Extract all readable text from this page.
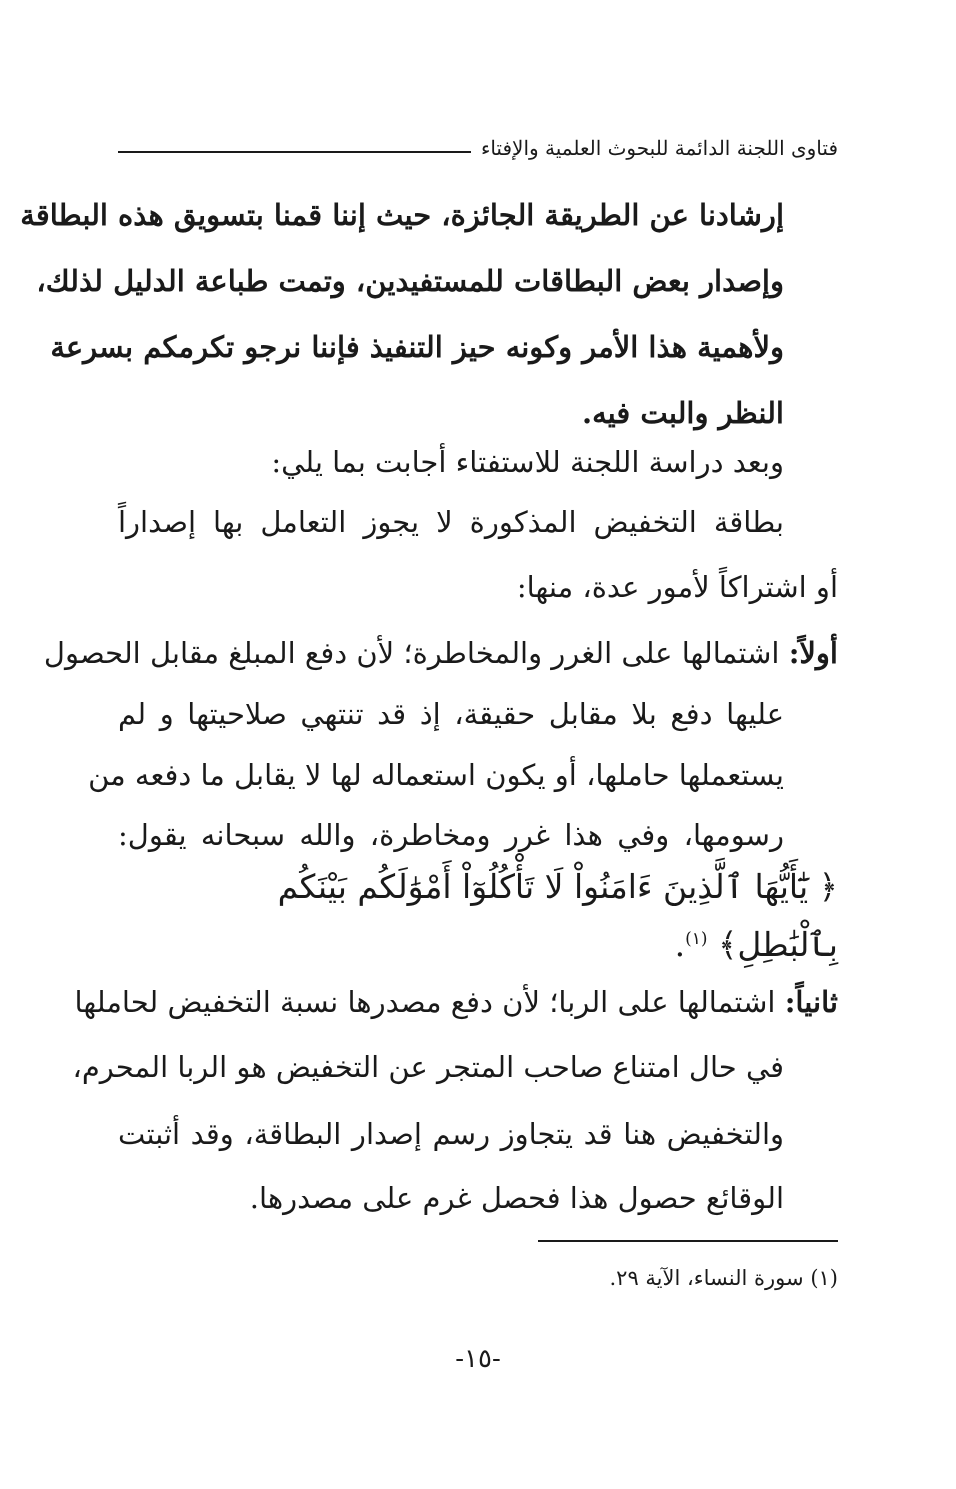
فتاوى اللجنة الدائمة للبحوث العلمية والإفتاء
إرشادنا عن الطريقة الجائزة، حيث إننا قمنا بتسويق هذه البطاقة
وإصدار بعض البطاقات للمستفيدين، وتمت طباعة الدليل لذلك،
ولأهمية هذا الأمر وكونه حيز التنفيذ فإننا نرجو تكرمكم بسرعة
النظر والبت فيه.
وبعد دراسة اللجنة للاستفتاء أجابت بما يلي:
بطاقة التخفيض المذكورة لا يجوز التعامل بها إصداراً
أو اشتراكاً لأمور عدة، منها:
أولاً: اشتمالها على الغرر والمخاطرة؛ لأن دفع المبلغ مقابل الحصول
عليها دفع بلا مقابل حقيقة، إذ قد تنتهي صلاحيتها و لم
يستعملها حاملها، أو يكون استعماله لها لا يقابل ما دفعه من
رسومها، وفي هذا غرر ومخاطرة، والله سبحانه يقول:
﴿ يَٰٓأَيُّهَا ٱلَّذِينَ ءَامَنُواْ لَا تَأْكُلُوٓاْ أَمْوَٰلَكُم بَيْنَكُم
بِٱلْبَٰطِلِ﴾ $^{(١)}$.
ثانياً: اشتمالها على الربا؛ لأن دفع مصدرها نسبة التخفيض لحاملها
في حال امتناع صاحب المتجر عن التخفيض هو الربا المحرم،
والتخفيض هنا قد يتجاوز رسم إصدار البطاقة، وقد أثبتت
الوقائع حصول هذا فحصل غرم على مصدرها.
(١) سورة النساء، الآية ٢٩.
-١٥-
